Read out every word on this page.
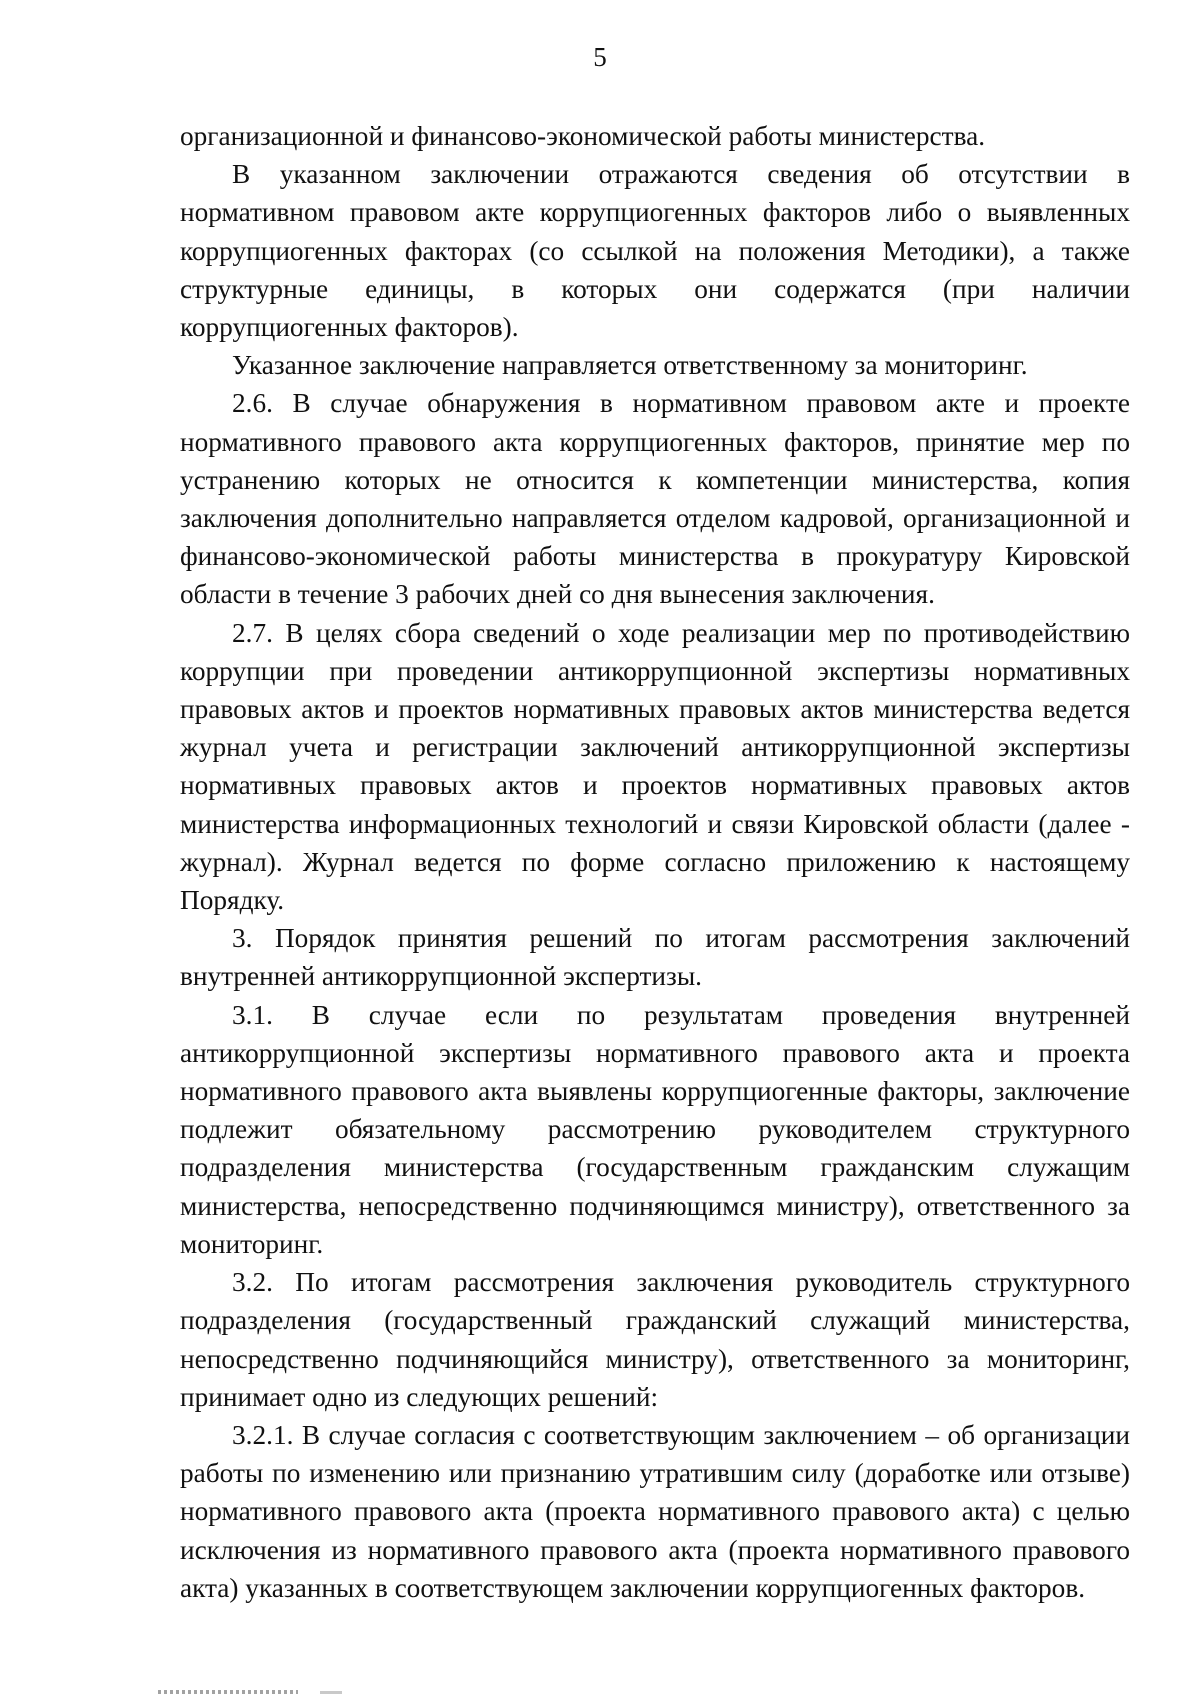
5

организационной и финансово-экономической работы министерства.

В указанном заключении отражаются сведения об отсутствии в нормативном правовом акте коррупциогенных факторов либо о выявленных коррупциогенных факторах (со ссылкой на положения Методики), а также структурные единицы, в которых они содержатся (при наличии коррупциогенных факторов).

Указанное заключение направляется ответственному за мониторинг.

2.6. В случае обнаружения в нормативном правовом акте и проекте нормативного правового акта коррупциогенных факторов, принятие мер по устранению которых не относится к компетенции министерства, копия заключения дополнительно направляется отделом кадровой, организационной и финансово-экономической работы министерства в прокуратуру Кировской области в течение 3 рабочих дней со дня вынесения заключения.

2.7. В целях сбора сведений о ходе реализации мер по противодействию коррупции при проведении антикоррупционной экспертизы нормативных правовых актов и проектов нормативных правовых актов министерства ведется журнал учета и регистрации заключений антикоррупционной экспертизы нормативных правовых актов и проектов нормативных правовых актов министерства информационных технологий и связи Кировской области (далее - журнал). Журнал ведется по форме согласно приложению к настоящему Порядку.

3. Порядок принятия решений по итогам рассмотрения заключений внутренней антикоррупционной экспертизы.

3.1. В случае если по результатам проведения внутренней антикоррупционной экспертизы нормативного правового акта и проекта нормативного правового акта выявлены коррупциогенные факторы, заключение подлежит обязательному рассмотрению руководителем структурного подразделения министерства (государственным гражданским служащим министерства, непосредственно подчиняющимся министру), ответственного за мониторинг.

3.2. По итогам рассмотрения заключения руководитель структурного подразделения (государственный гражданский служащий министерства, непосредственно подчиняющийся министру), ответственного за мониторинг, принимает одно из следующих решений:

3.2.1. В случае согласия с соответствующим заключением – об организации работы по изменению или признанию утратившим силу (доработке или отзыве) нормативного правового акта (проекта нормативного правового акта) с целью исключения из нормативного правового акта (проекта нормативного правового акта) указанных в соответствующем заключении коррупциогенных факторов.
